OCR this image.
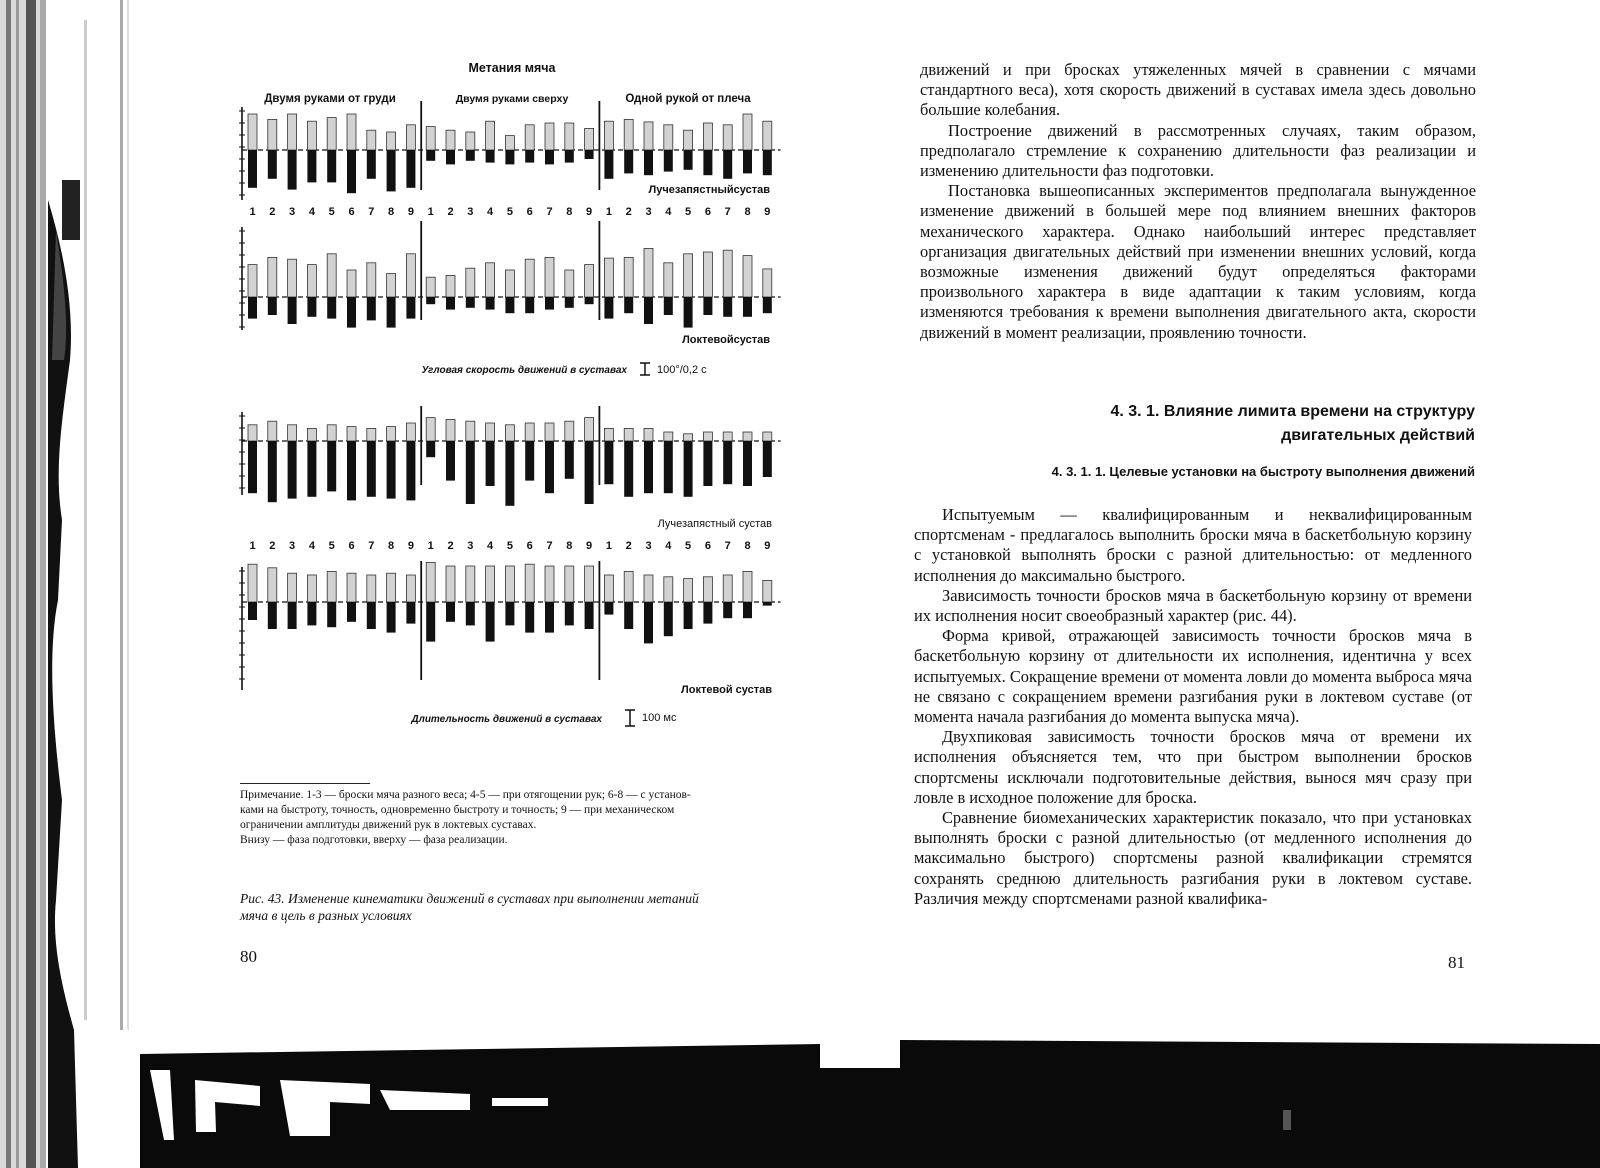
Метания мяча
Двумя руками от груди	Двумя руками сверху	Одной рукой от плеча
1 2 3 4 5 6 7 8 9 1 2 3 4 5 6 7 8 9 1 2 3 4 5 6 7 8 9
1 2 3 4 5 6 7 8 9 1 2 3 4 5 6 7 8 9 1 2 3 4 5 6 7 8 9
Лучезапястныйсустав
Локтевойсустав
Угловая скорость движений в суставах	100°/0,2 с
Лучезапястный сустав
Локтевой сустав
Длительность движений в суставах	100 мс
Примечание. 1-3 — броски мяча разного веса; 4-5 — при отягощении рук; 6-8 — с установ-
ками на быстроту, точность, одновременно быстроту и точность; 9 — при механическом
ограничении амплитуды движений рук в локтевых суставах.
Внизу — фаза подготовки, вверху — фаза реализации.
Рис. 43. Изменение кинематики движений в суставах при выполнении метаний
мяча в цель в разных условиях
80

движений и при бросках утяжеленных мячей в сравнении с мячами стандартного веса), хотя скорость движений в суставах имела здесь довольно большие колебания.

Построение движений в рассмотренных случаях, таким образом, предполагало стремление к сохранению длительности фаз реализации и изменению длительности фаз подготовки.

Постановка вышеописанных экспериментов предполагала вынужденное изменение движений в большей мере под влиянием внешних факторов механического характера. Однако наибольший интерес представляет организация двигательных действий при изменении внешних условий, когда возможные изменения движений будут определяться факторами произвольного характера в виде адаптации к таким условиям, когда изменяются требования к времени выполнения двигательного акта, скорости движений в момент реализации, проявлению точности.

4. 3. 1. Влияние лимита времени на структуру
двигательных действий
4. 3. 1. 1. Целевые установки на быстроту выполнения движений

Испытуемым — квалифицированным и неквалифицированным спортсменам - предлагалось выполнить броски мяча в баскетбольную корзину с установкой выполнять броски с разной длительностью: от медленного исполнения до максимально быстрого.

Зависимость точности бросков мяча в баскетбольную корзину от времени их исполнения носит своеобразный характер (рис. 44).

Форма кривой, отражающей зависимость точности бросков мяча в баскетбольную корзину от длительности их исполнения, идентична у всех испытуемых. Сокращение времени от момента ловли до момента выброса мяча не связано с сокращением времени разгибания руки в локтевом суставе (от момента начала разгибания до момента выпуска мяча).

Двухпиковая зависимость точности бросков мяча от времени их исполнения объясняется тем, что при быстром выполнении бросков спортсмены исключали подготовительные действия, вынося мяч сразу при ловле в исходное положение для броска.

Сравнение биомеханических характеристик показало, что при установках выполнять броски с разной длительностью (от медленного исполнения до максимально быстрого) спортсмены разной квалификации стремятся сохранять среднюю длительность разгибания руки в локтевом суставе. Различия между спортсменами разной квалифика-

81
